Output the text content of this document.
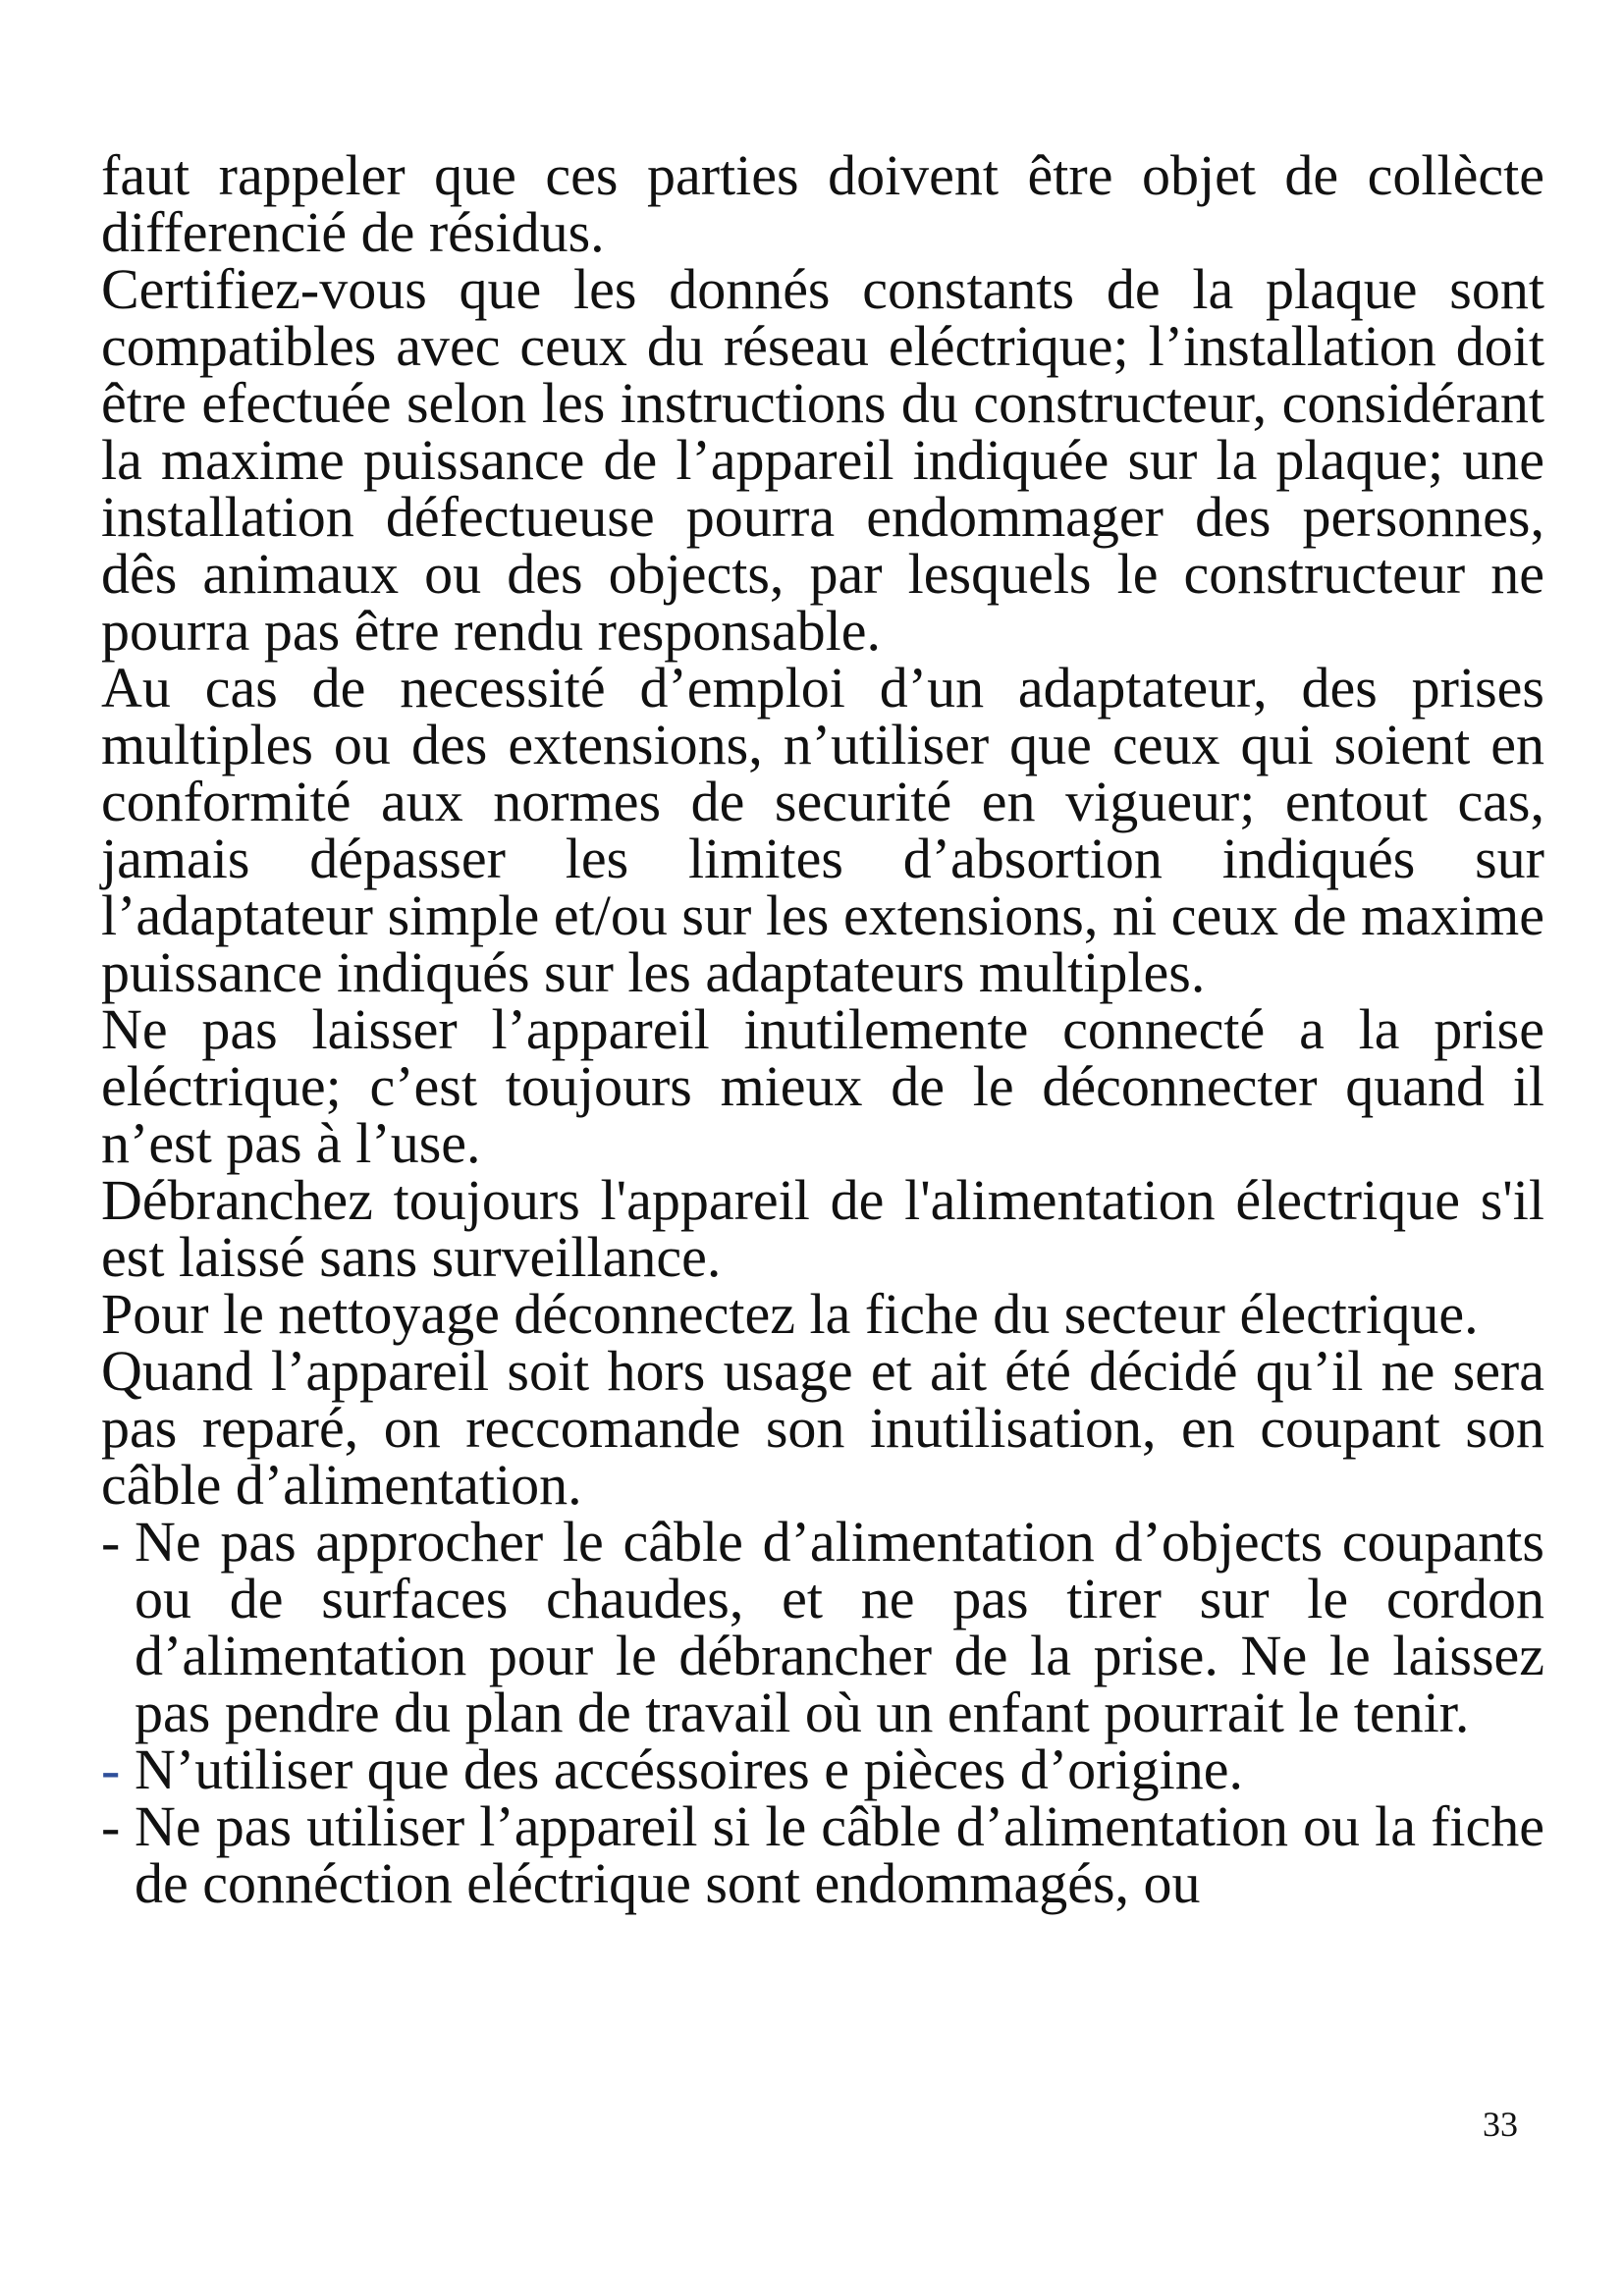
faut rappeler que ces parties doivent être objet de collècte differencié de résidus.

Certifiez-vous que les donnés constants de la plaque sont compatibles avec ceux du réseau eléctrique; l’installation doit être efectuée selon les instructions du constructeur, considérant la maxime puissance de l’appareil indiquée sur la plaque; une installation défectueuse pourra endommager des personnes, dês animaux ou des objects, par lesquels le constructeur ne pourra pas être rendu responsable.

Au cas de necessité d’emploi d’un adaptateur, des prises multiples ou des extensions, n’utiliser que ceux qui soient en conformité aux normes de securité en vigueur; entout cas, jamais dépasser les limites d’absortion indiqués sur l’adaptateur simple et/ou sur les extensions, ni ceux de maxime puissance indiqués sur les adaptateurs multiples.

Ne pas laisser l’appareil inutilemente connecté a la prise eléctrique; c’est toujours mieux de le déconnecter quand il n’est pas à l’use.

Débranchez toujours l'appareil de l'alimentation électrique s'il est laissé sans surveillance.

Pour le nettoyage déconnectez la fiche du secteur électrique.

Quand l’appareil soit hors usage et ait été décidé qu’il ne sera pas reparé, on reccomande son inutilisation, en coupant son câble d’alimentation.

- Ne pas approcher le câble d’alimentation d’objects coupants ou de surfaces chaudes, et ne pas tirer sur le cordon d’alimentation pour le débrancher de la prise. Ne le laissez pas pendre du plan de travail où un enfant pourrait le tenir.
- N’utiliser que des accéssoires e pièces d’origine.
- Ne pas utiliser l’appareil si le câble d’alimentation ou la fiche de connéction eléctrique sont endommagés, ou
33
